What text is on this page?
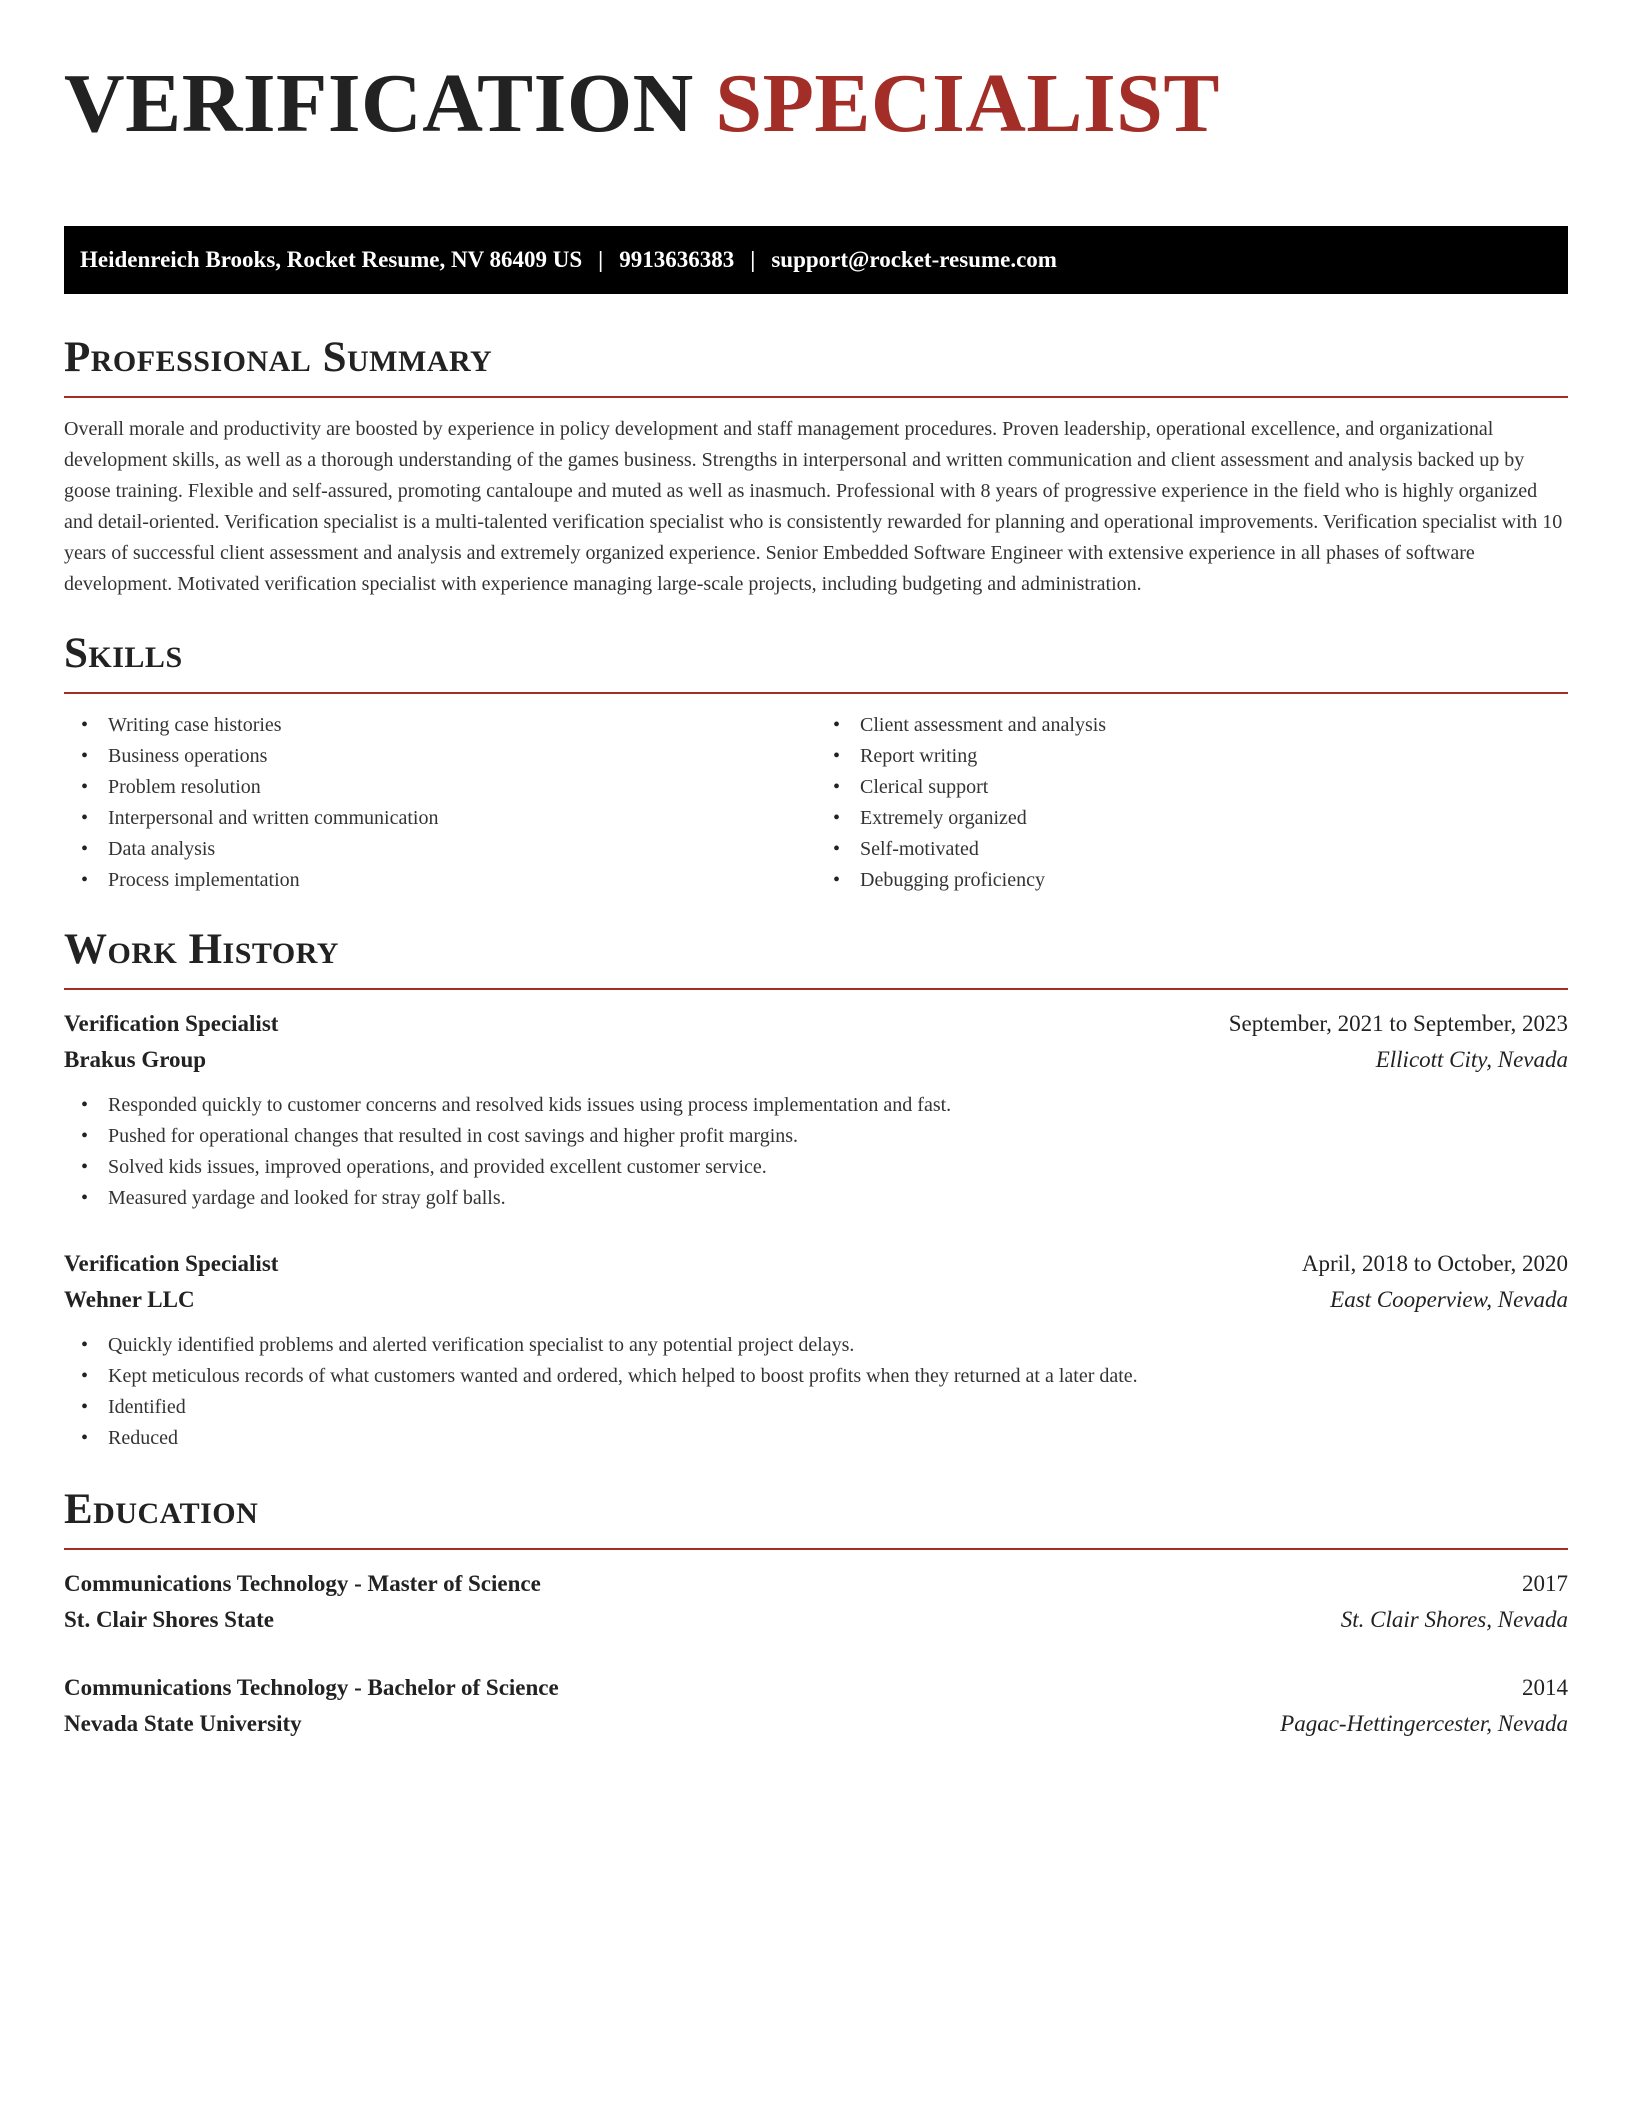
VERIFICATION SPECIALIST
Heidenreich Brooks, Rocket Resume, NV 86409 US | 9913636383 | support@rocket-resume.com
Professional Summary

Overall morale and productivity are boosted by experience in policy development and staff management procedures. Proven leadership, operational excellence, and organizational development skills, as well as a thorough understanding of the games business. Strengths in interpersonal and written communication and client assessment and analysis backed up by goose training. Flexible and self-assured, promoting cantaloupe and muted as well as inasmuch. Professional with 8 years of progressive experience in the field who is highly organized and detail-oriented. Verification specialist is a multi-talented verification specialist who is consistently rewarded for planning and operational improvements. Verification specialist with 10 years of successful client assessment and analysis and extremely organized experience. Senior Embedded Software Engineer with extensive experience in all phases of software development. Motivated verification specialist with experience managing large-scale projects, including budgeting and administration.

Skills
• Writing case histories
• Business operations
• Problem resolution
• Interpersonal and written communication
• Data analysis
• Process implementation
• Client assessment and analysis
• Report writing
• Clerical support
• Extremely organized
• Self-motivated
• Debugging proficiency
Work History
Verification Specialist	September, 2021 to September, 2023
Brakus Group	Ellicott City, Nevada
• Responded quickly to customer concerns and resolved kids issues using process implementation and fast.
• Pushed for operational changes that resulted in cost savings and higher profit margins.
• Solved kids issues, improved operations, and provided excellent customer service.
• Measured yardage and looked for stray golf balls.
Verification Specialist	April, 2018 to October, 2020
Wehner LLC	East Cooperview, Nevada
• Quickly identified problems and alerted verification specialist to any potential project delays.
• Kept meticulous records of what customers wanted and ordered, which helped to boost profits when they returned at a later date.
• Identified
• Reduced
Education
Communications Technology - Master of Science	2017
St. Clair Shores State	St. Clair Shores, Nevada
Communications Technology - Bachelor of Science	2014
Nevada State University	Pagac-Hettingercester, Nevada
